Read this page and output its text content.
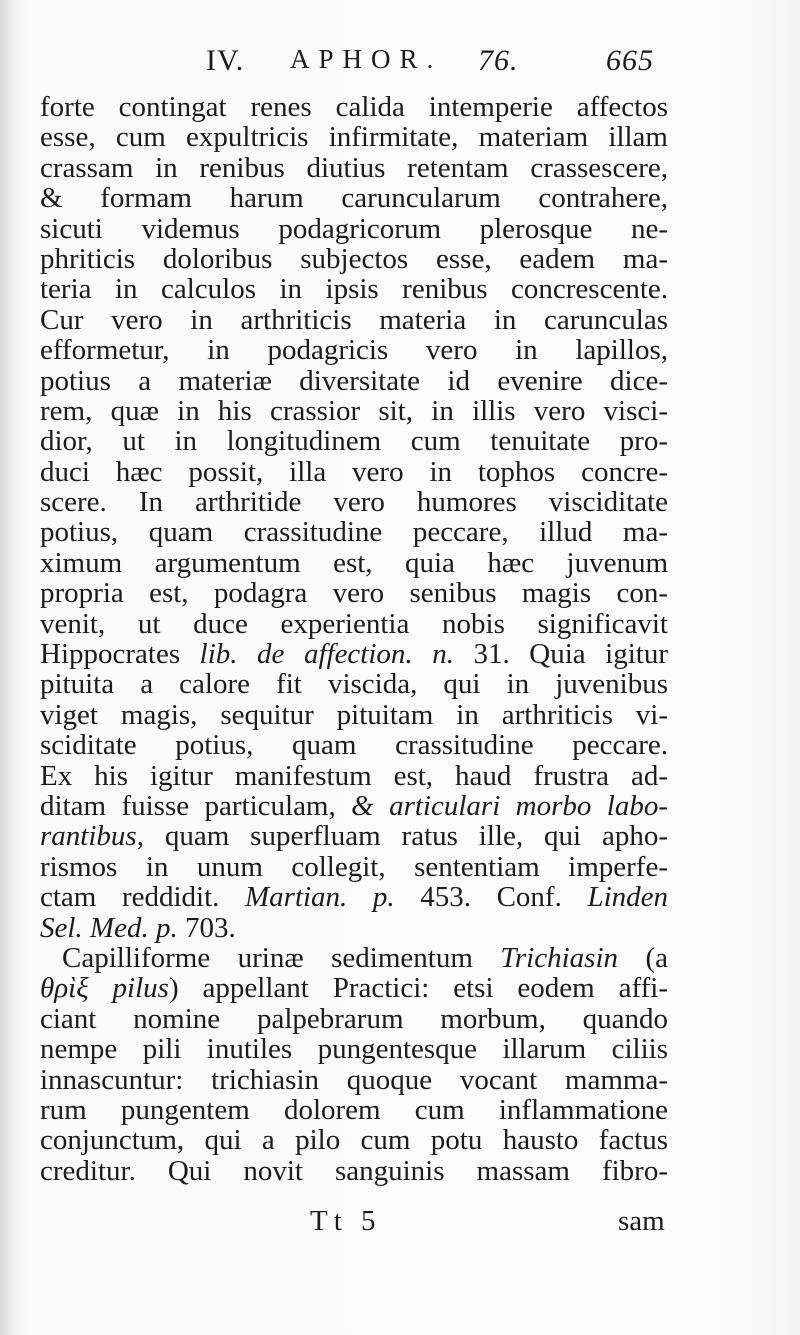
IV. APHOR. 76.	665
forte contingat renes calida intemperie affectos
esse, cum expultricis infirmitate, materiam illam
crassam in renibus diutius retentam crassescere,
& formam harum caruncularum contrahere,
sicuti videmus podagricorum plerosque ne-
phriticis doloribus subjectos esse, eadem ma-
teria in calculos in ipsis renibus concrescente.
Cur vero in arthriticis materia in carunculas
efformetur, in podagricis vero in lapillos,
potius a materiæ diversitate id evenire dice-
rem, quæ in his crassior sit, in illis vero visci-
dior, ut in longitudinem cum tenuitate pro-
duci hæc possit, illa vero in tophos concre-
scere. In arthritide vero humores visciditate
potius, quam crassitudine peccare, illud ma-
ximum argumentum est, quia hæc juvenum
propria est, podagra vero senibus magis con-
venit, ut duce experientia nobis significavit
Hippocrates lib. de affection. n. 31. Quia igitur
pituita a calore fit viscida, qui in juvenibus
viget magis, sequitur pituitam in arthriticis vi-
sciditate potius, quam crassitudine peccare.
Ex his igitur manifestum est, haud frustra ad-
ditam fuisse particulam, & articulari morbo labo-
rantibus, quam superfluam ratus ille, qui apho-
rismos in unum collegit, sententiam imperfe-
ctam reddidit. Martian. p. 453. Conf. Linden
Sel. Med. p. 703.
Capilliforme urinæ sedimentum Trichiasin (a
θρὶξ pilus) appellant Practici: etsi eodem affi-
ciant nomine palpebrarum morbum, quando
nempe pili inutiles pungentesque illarum ciliis
innascuntur: trichiasin quoque vocant mamma-
rum pungentem dolorem cum inflammatione
conjunctum, qui a pilo cum potu hausto factus
creditur. Qui novit sanguinis massam fibro-
Tt 5	sam
